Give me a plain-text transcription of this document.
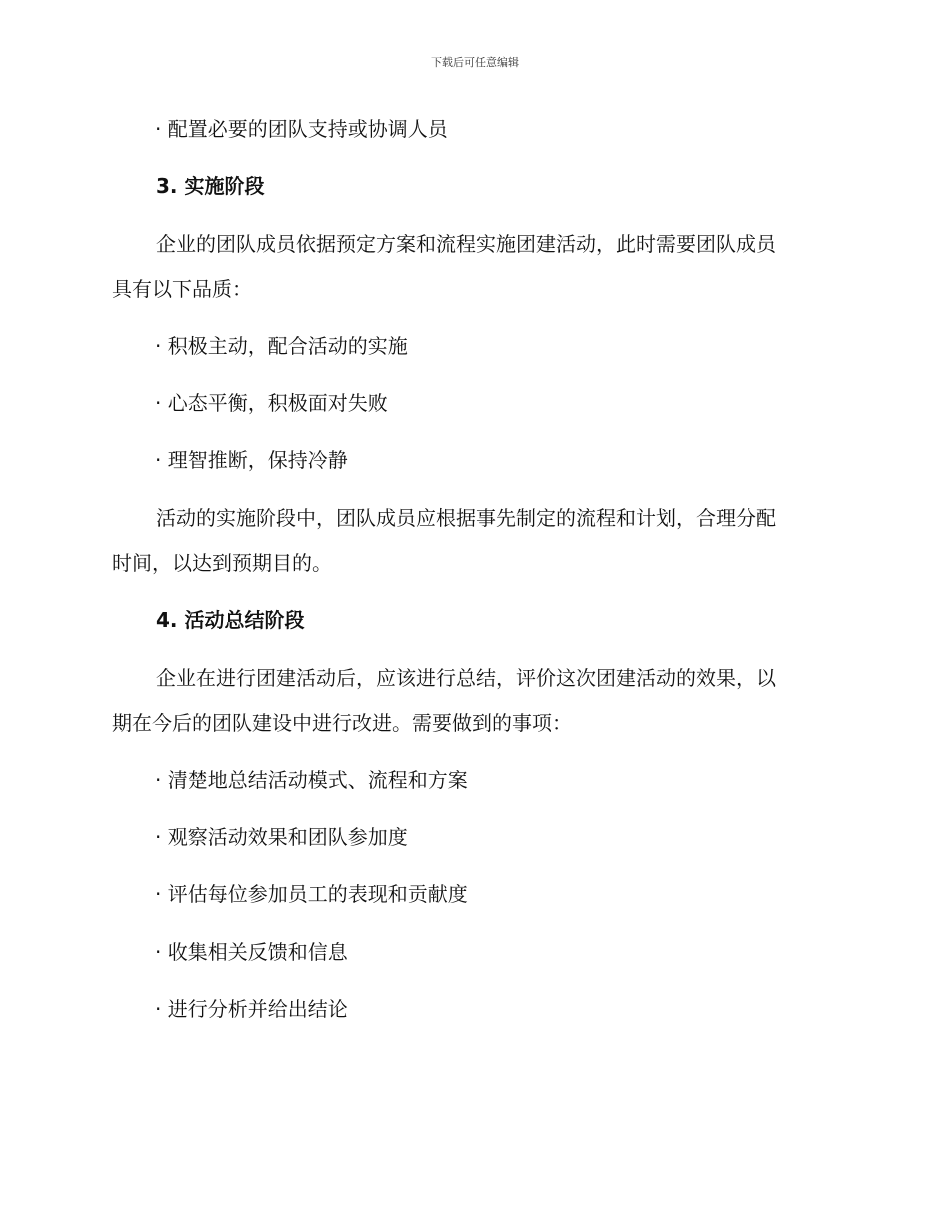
下载后可任意编辑
· 配置必要的团队支持或协调人员
3. 实施阶段
企业的团队成员依据预定方案和流程实施团建活动，此时需要团队成员
具有以下品质：
· 积极主动，配合活动的实施
· 心态平衡，积极面对失败
· 理智推断，保持冷静
活动的实施阶段中，团队成员应根据事先制定的流程和计划，合理分配
时间，以达到预期目的。
4. 活动总结阶段
企业在进行团建活动后，应该进行总结，评价这次团建活动的效果，以
期在今后的团队建设中进行改进。需要做到的事项：
· 清楚地总结活动模式、流程和方案
· 观察活动效果和团队参加度
· 评估每位参加员工的表现和贡献度
· 收集相关反馈和信息
· 进行分析并给出结论
